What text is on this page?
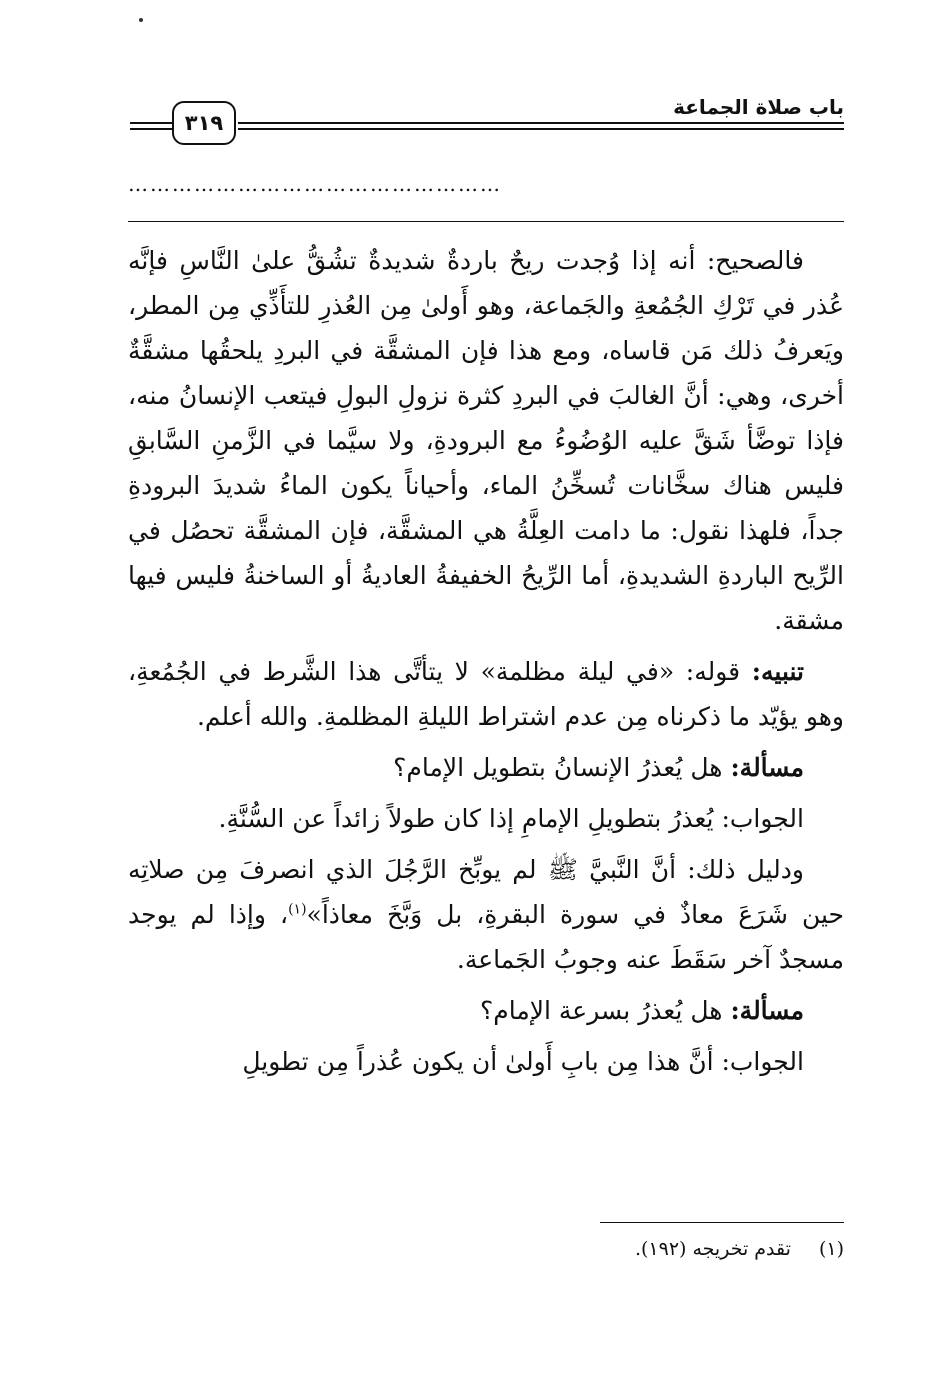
٣١٩
باب صلاة الجماعة
……………………………………………

فالصحيح: أنه إذا وُجدت ريحٌ باردةٌ شديدةٌ تشُقُّ علىٰ النَّاسِ فإنَّه عُذر في تَرْكِ الجُمُعةِ والجَماعة، وهو أَولىٰ مِن العُذرِ للتأَذِّي مِن المطر، ويَعرفُ ذلك مَن قاساه، ومع هذا فإن المشقَّة في البردِ يلحقُها مشقَّةٌ أخرى، وهي: أنَّ الغالبَ في البردِ كثرة نزولِ البولِ فيتعب الإنسانُ منه، فإذا توضَّأ شَقَّ عليه الوُضُوءُ مع البرودةِ، ولا سيَّما في الزَّمنِ السَّابقِ فليس هناك سخَّانات تُسخِّنُ الماء، وأحياناً يكون الماءُ شديدَ البرودةِ جداً، فلهذا نقول: ما دامت العِلَّةُ هي المشقَّة، فإن المشقَّة تحصُل في الرِّيح الباردةِ الشديدةِ، أما الرِّيحُ الخفيفةُ العاديةُ أو الساخنةُ فليس فيها مشقة.

تنبيه: قوله: «في ليلة مظلمة» لا يتأتَّى هذا الشَّرط في الجُمُعةِ، وهو يؤيّد ما ذكرناه مِن عدم اشتراط الليلةِ المظلمةِ. والله أعلم.

مسألة: هل يُعذرُ الإنسانُ بتطويل الإمام؟

الجواب: يُعذرُ بتطويلِ الإمامِ إذا كان طولاً زائداً عن السُّنَّةِ.

ودليل ذلك: أنَّ النَّبيَّ ﷺ لم يوبِّخ الرَّجُلَ الذي انصرفَ مِن صلاتِه حين شَرَعَ معاذٌ في سورة البقرةِ، بل وَبَّخَ معاذاً»$^{(١)}$، وإذا لم يوجد مسجدٌ آخر سَقَطَ عنه وجوبُ الجَماعة.

مسألة: هل يُعذرُ بسرعة الإمام؟

الجواب: أنَّ هذا مِن بابِ أَولىٰ أن يكون عُذراً مِن تطويلِ

(١)تقدم تخريجه (١٩٢).
